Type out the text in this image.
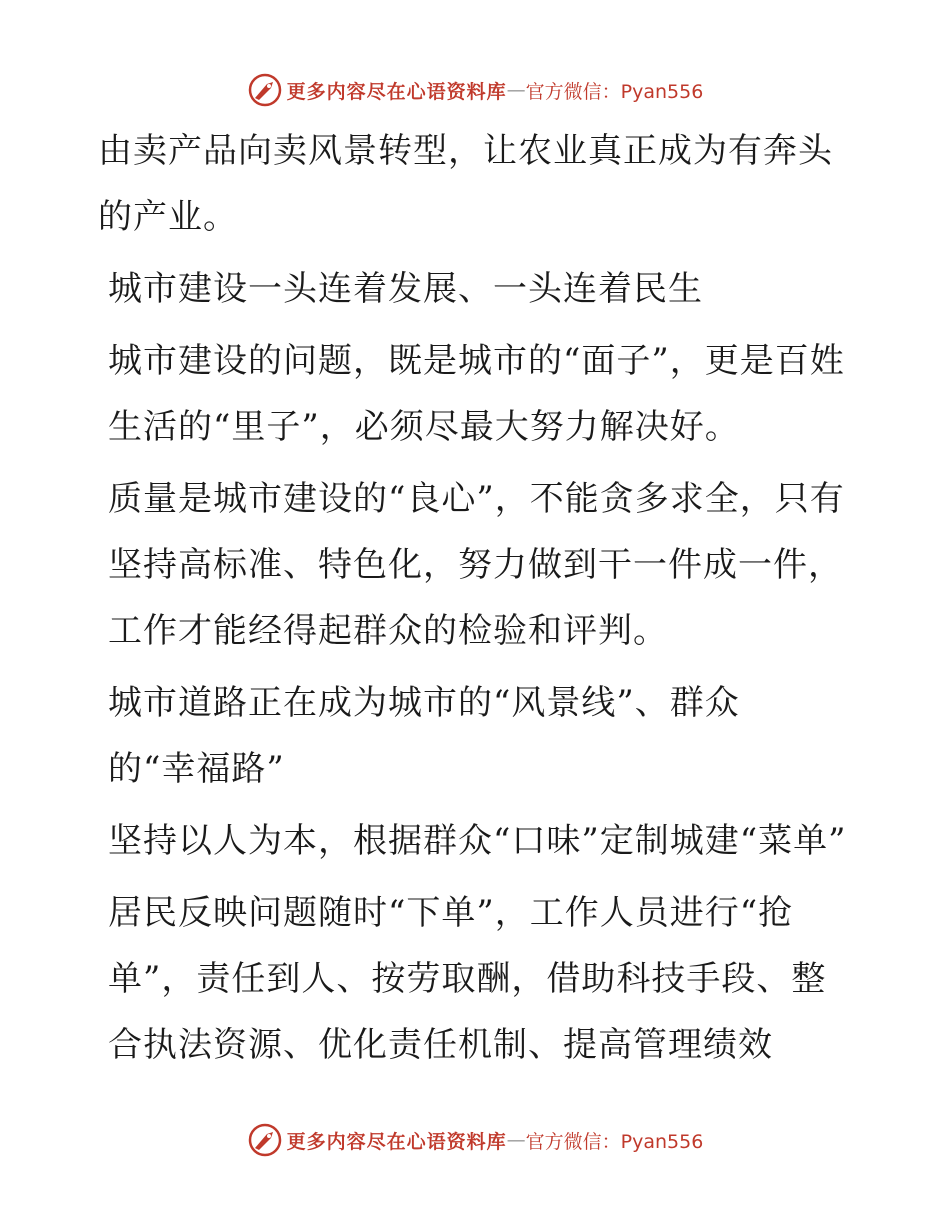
更多内容尽在心语资料库 — 官方微信：Pyan556

由卖产品向卖风景转型，让农业真正成为有奔头的产业。

城市建设一头连着发展、一头连着民生

城市建设的问题，既是城市的“面子”，更是百姓生活的“里子”，必须尽最大努力解决好。

质量是城市建设的“良心”，不能贪多求全，只有坚持高标准、特色化，努力做到干一件成一件，工作才能经得起群众的检验和评判。

城市道路正在成为城市的“风景线”、群众的“幸福路”

坚持以人为本，根据群众“口味”定制城建“菜单”

居民反映问题随时“下单”，工作人员进行“抢单”，责任到人、按劳取酬，借助科技手段、整合执法资源、优化责任机制、提高管理绩效

更多内容尽在心语资料库 — 官方微信：Pyan556
